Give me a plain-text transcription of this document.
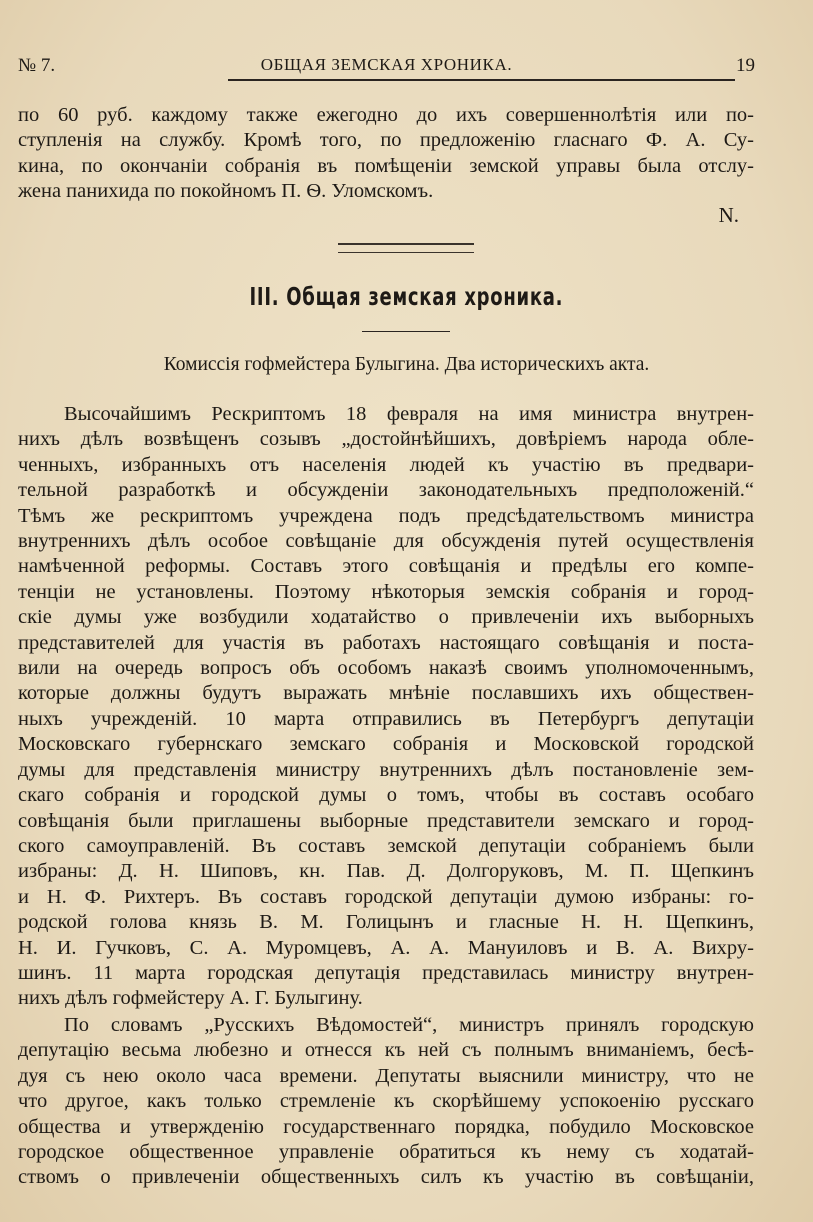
№ 7.	ОБЩАЯ ЗЕМСКАЯ ХРОНИКА.	19
по 60 руб. каждому также ежегодно до ихъ совершеннолѣтія или по-
ступленія на службу. Кромѣ того, по предложенію гласнаго Ф. А. Су-
кина, по окончаніи собранія въ помѣщеніи земской управы была отслу-
жена панихида по покойномъ П. Ѳ. Уломскомъ.
N.
III. Общая земская хроника.
Комиссія гофмейстера Булыгина. Два историческихъ акта.
Высочайшимъ Рескриптомъ 18 февраля на имя министра внутрен-
нихъ дѣлъ возвѣщенъ созывъ „достойнѣйшихъ, довѣріемъ народа обле-
ченныхъ, избранныхъ отъ населенія людей къ участію въ предвари-
тельной разработкѣ и обсужденіи законодательныхъ предположеній.“
Тѣмъ же рескриптомъ учреждена подъ предсѣдательствомъ министра
внутреннихъ дѣлъ особое совѣщаніе для обсужденія путей осуществленія
намѣченной реформы. Составъ этого совѣщанія и предѣлы его компе-
тенціи не установлены. Поэтому нѣкоторыя земскія собранія и город-
скіе думы уже возбудили ходатайство о привлеченіи ихъ выборныхъ
представителей для участія въ работахъ настоящаго совѣщанія и поста-
вили на очередь вопросъ объ особомъ наказѣ своимъ уполномоченнымъ,
которые должны будутъ выражать мнѣніе пославшихъ ихъ обществен-
ныхъ учрежденій. 10 марта отправились въ Петербургъ депутаціи
Московскаго губернскаго земскаго собранія и Московской городской
думы для представленія министру внутреннихъ дѣлъ постановленіе зем-
скаго собранія и городской думы о томъ, чтобы въ составъ особаго
совѣщанія были приглашены выборные представители земскаго и город-
ского самоуправленій. Въ составъ земской депутаціи собраніемъ были
избраны: Д. Н. Шиповъ, кн. Пав. Д. Долгоруковъ, М. П. Щепкинъ
и Н. Ф. Рихтеръ. Въ составъ городской депутаціи думою избраны: го-
родской голова князь В. М. Голицынъ и гласные Н. Н. Щепкинъ,
Н. И. Гучковъ, С. А. Муромцевъ, А. А. Мануиловъ и В. А. Вихру-
шинъ. 11 марта городская депутація представилась министру внутрен-
нихъ дѣлъ гофмейстеру А. Г. Булыгину.
По словамъ „Русскихъ Вѣдомостей“, министръ принялъ городскую
депутацію весьма любезно и отнесся къ ней съ полнымъ вниманіемъ, бесѣ-
дуя съ нею около часа времени. Депутаты выяснили министру, что не
что другое, какъ только стремленіе къ скорѣйшему успокоенію русскаго
общества и утвержденію государственнаго порядка, побудило Московское
городское общественное управленіе обратиться къ нему съ ходатай-
ствомъ о привлеченіи общественныхъ силъ къ участію въ совѣщаніи,
